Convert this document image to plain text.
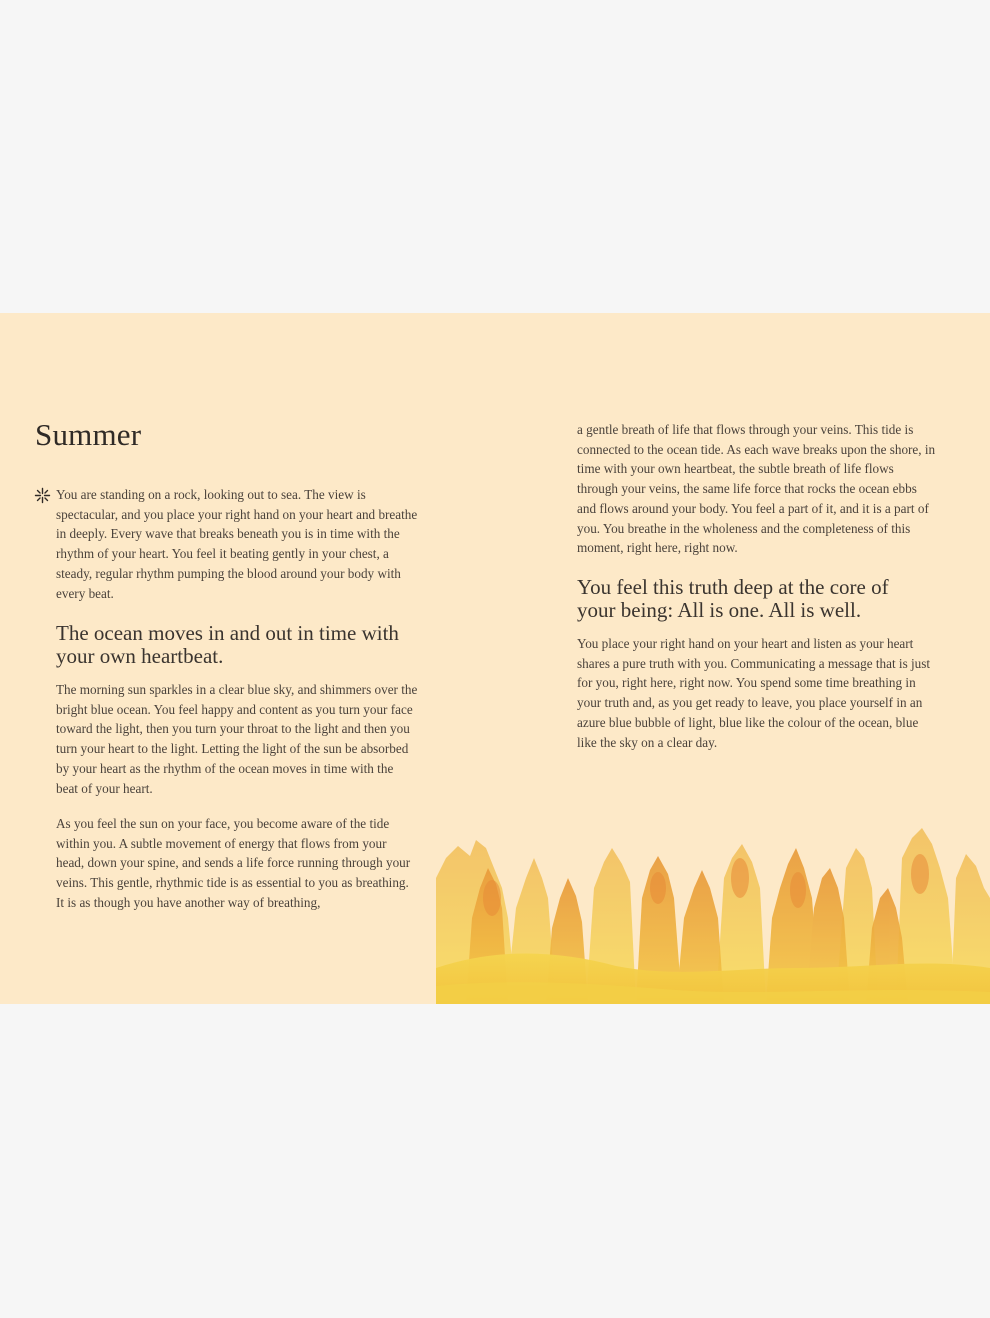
Summer

You are standing on a rock, looking out to sea. The view is spectacular, and you place your right hand on your heart and breathe in deeply. Every wave that breaks beneath you is in time with the rhythm of your heart. You feel it beating gently in your chest, a steady, regular rhythm pumping the blood around your body with every beat.

The ocean moves in and out in time with your own heartbeat.

The morning sun sparkles in a clear blue sky, and shimmers over the bright blue ocean. You feel happy and content as you turn your face toward the light, then you turn your throat to the light and then you turn your heart to the light. Letting the light of the sun be absorbed by your heart as the rhythm of the ocean moves in time with the beat of your heart.

As you feel the sun on your face, you become aware of the tide within you. A subtle movement of energy that flows from your head, down your spine, and sends a life force running through your veins. This gentle, rhythmic tide is as essential to you as breathing. It is as though you have another way of breathing,

a gentle breath of life that flows through your veins. This tide is connected to the ocean tide. As each wave breaks upon the shore, in time with your own heartbeat, the subtle breath of life flows through your veins, the same life force that rocks the ocean ebbs and flows around your body. You feel a part of it, and it is a part of you. You breathe in the wholeness and the completeness of this moment, right here, right now.

You feel this truth deep at the core of your being: All is one. All is well.

You place your right hand on your heart and listen as your heart shares a pure truth with you. Communicating a message that is just for you, right here, right now. You spend some time breathing in your truth and, as you get ready to leave, you place yourself in an azure blue bubble of light, blue like the colour of the ocean, blue like the sky on a clear day.
